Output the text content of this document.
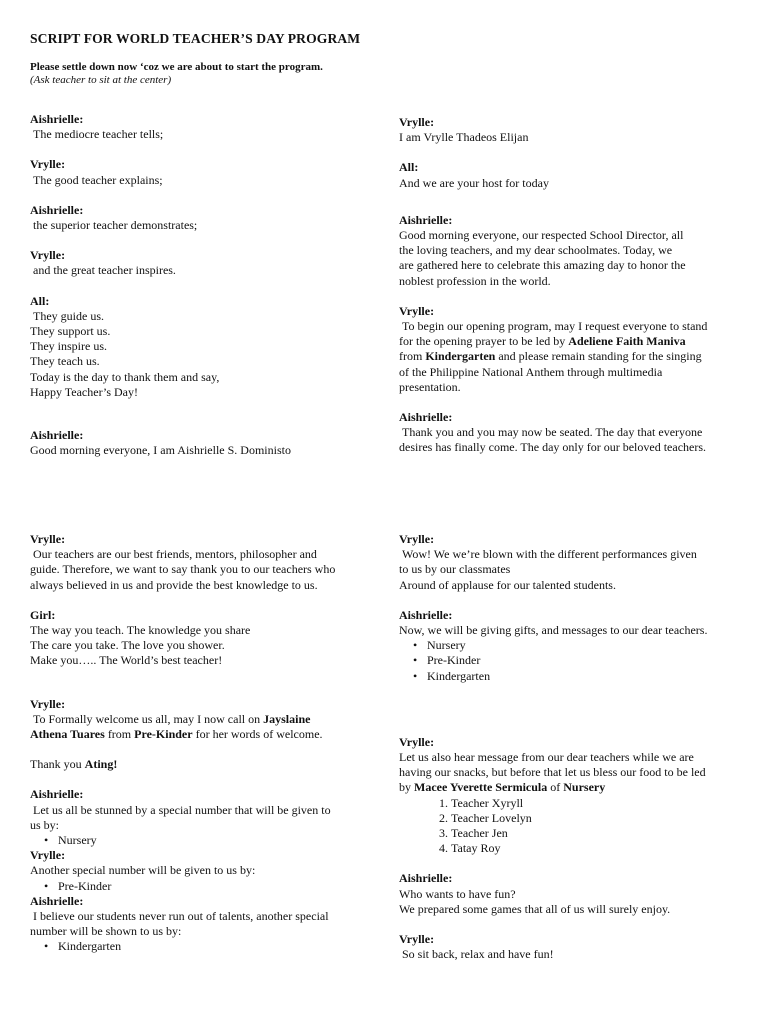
SCRIPT FOR WORLD TEACHER’S DAY PROGRAM
Please settle down now ‘coz we are about to start the program.
(Ask teacher to sit at the center)
Aishrielle:
The mediocre teacher tells;
Vrylle:
The good teacher explains;
Aishrielle:
the superior teacher demonstrates;
Vrylle:
and the great teacher inspires.
All:
They guide us.
They support us.
They inspire us.
They teach us.
Today is the day to thank them and say,
Happy Teacher’s Day!
Aishrielle:
Good morning everyone, I am Aishrielle S. Doministo
Vrylle:
I am Vrylle Thadeos Elijan
All:
And we are your host for today
Aishrielle:
Good morning everyone, our respected School Director, all
the loving teachers, and my dear schoolmates. Today, we
are gathered here to celebrate this amazing day to honor the
noblest profession in the world.
Vrylle:
To begin our opening program, may I request everyone to stand
for the opening prayer to be led by Adeliene Faith Maniva
from Kindergarten and please remain standing for the singing
of the Philippine National Anthem through multimedia
presentation.
Aishrielle:
Thank you and you may now be seated. The day that everyone
desires has finally come. The day only for our beloved teachers.
Vrylle:
Our teachers are our best friends, mentors, philosopher and
guide. Therefore, we want to say thank you to our teachers who
always believed in us and provide the best knowledge to us.
Girl:
The way you teach. The knowledge you share
The care you take. The love you shower.
Make you….. The World’s best teacher!
Vrylle:
To Formally welcome us all, may I now call on Jayslaine
Athena Tuares from Pre-Kinder for her words of welcome.
Thank you Ating!
Aishrielle:
Let us all be stunned by a special number that will be given to
us by:
• Nursery
Vrylle:
Another special number will be given to us by:
• Pre-Kinder
Aishrielle:
I believe our students never run out of talents, another special
number will be shown to us by:
• Kindergarten
Vrylle:
Wow! We we’re blown with the different performances given
to us by our classmates
Around of applause for our talented students.
Aishrielle:
Now, we will be giving gifts, and messages to our dear teachers.
• Nursery
• Pre-Kinder
• Kindergarten
Vrylle:
Let us also hear message from our dear teachers while we are
having our snacks, but before that let us bless our food to be led
by Macee Yverette Sermicula of Nursery
1. Teacher Xyryll
2. Teacher Lovelyn
3. Teacher Jen
4. Tatay Roy
Aishrielle:
Who wants to have fun?
We prepared some games that all of us will surely enjoy.
Vrylle:
So sit back, relax and have fun!
